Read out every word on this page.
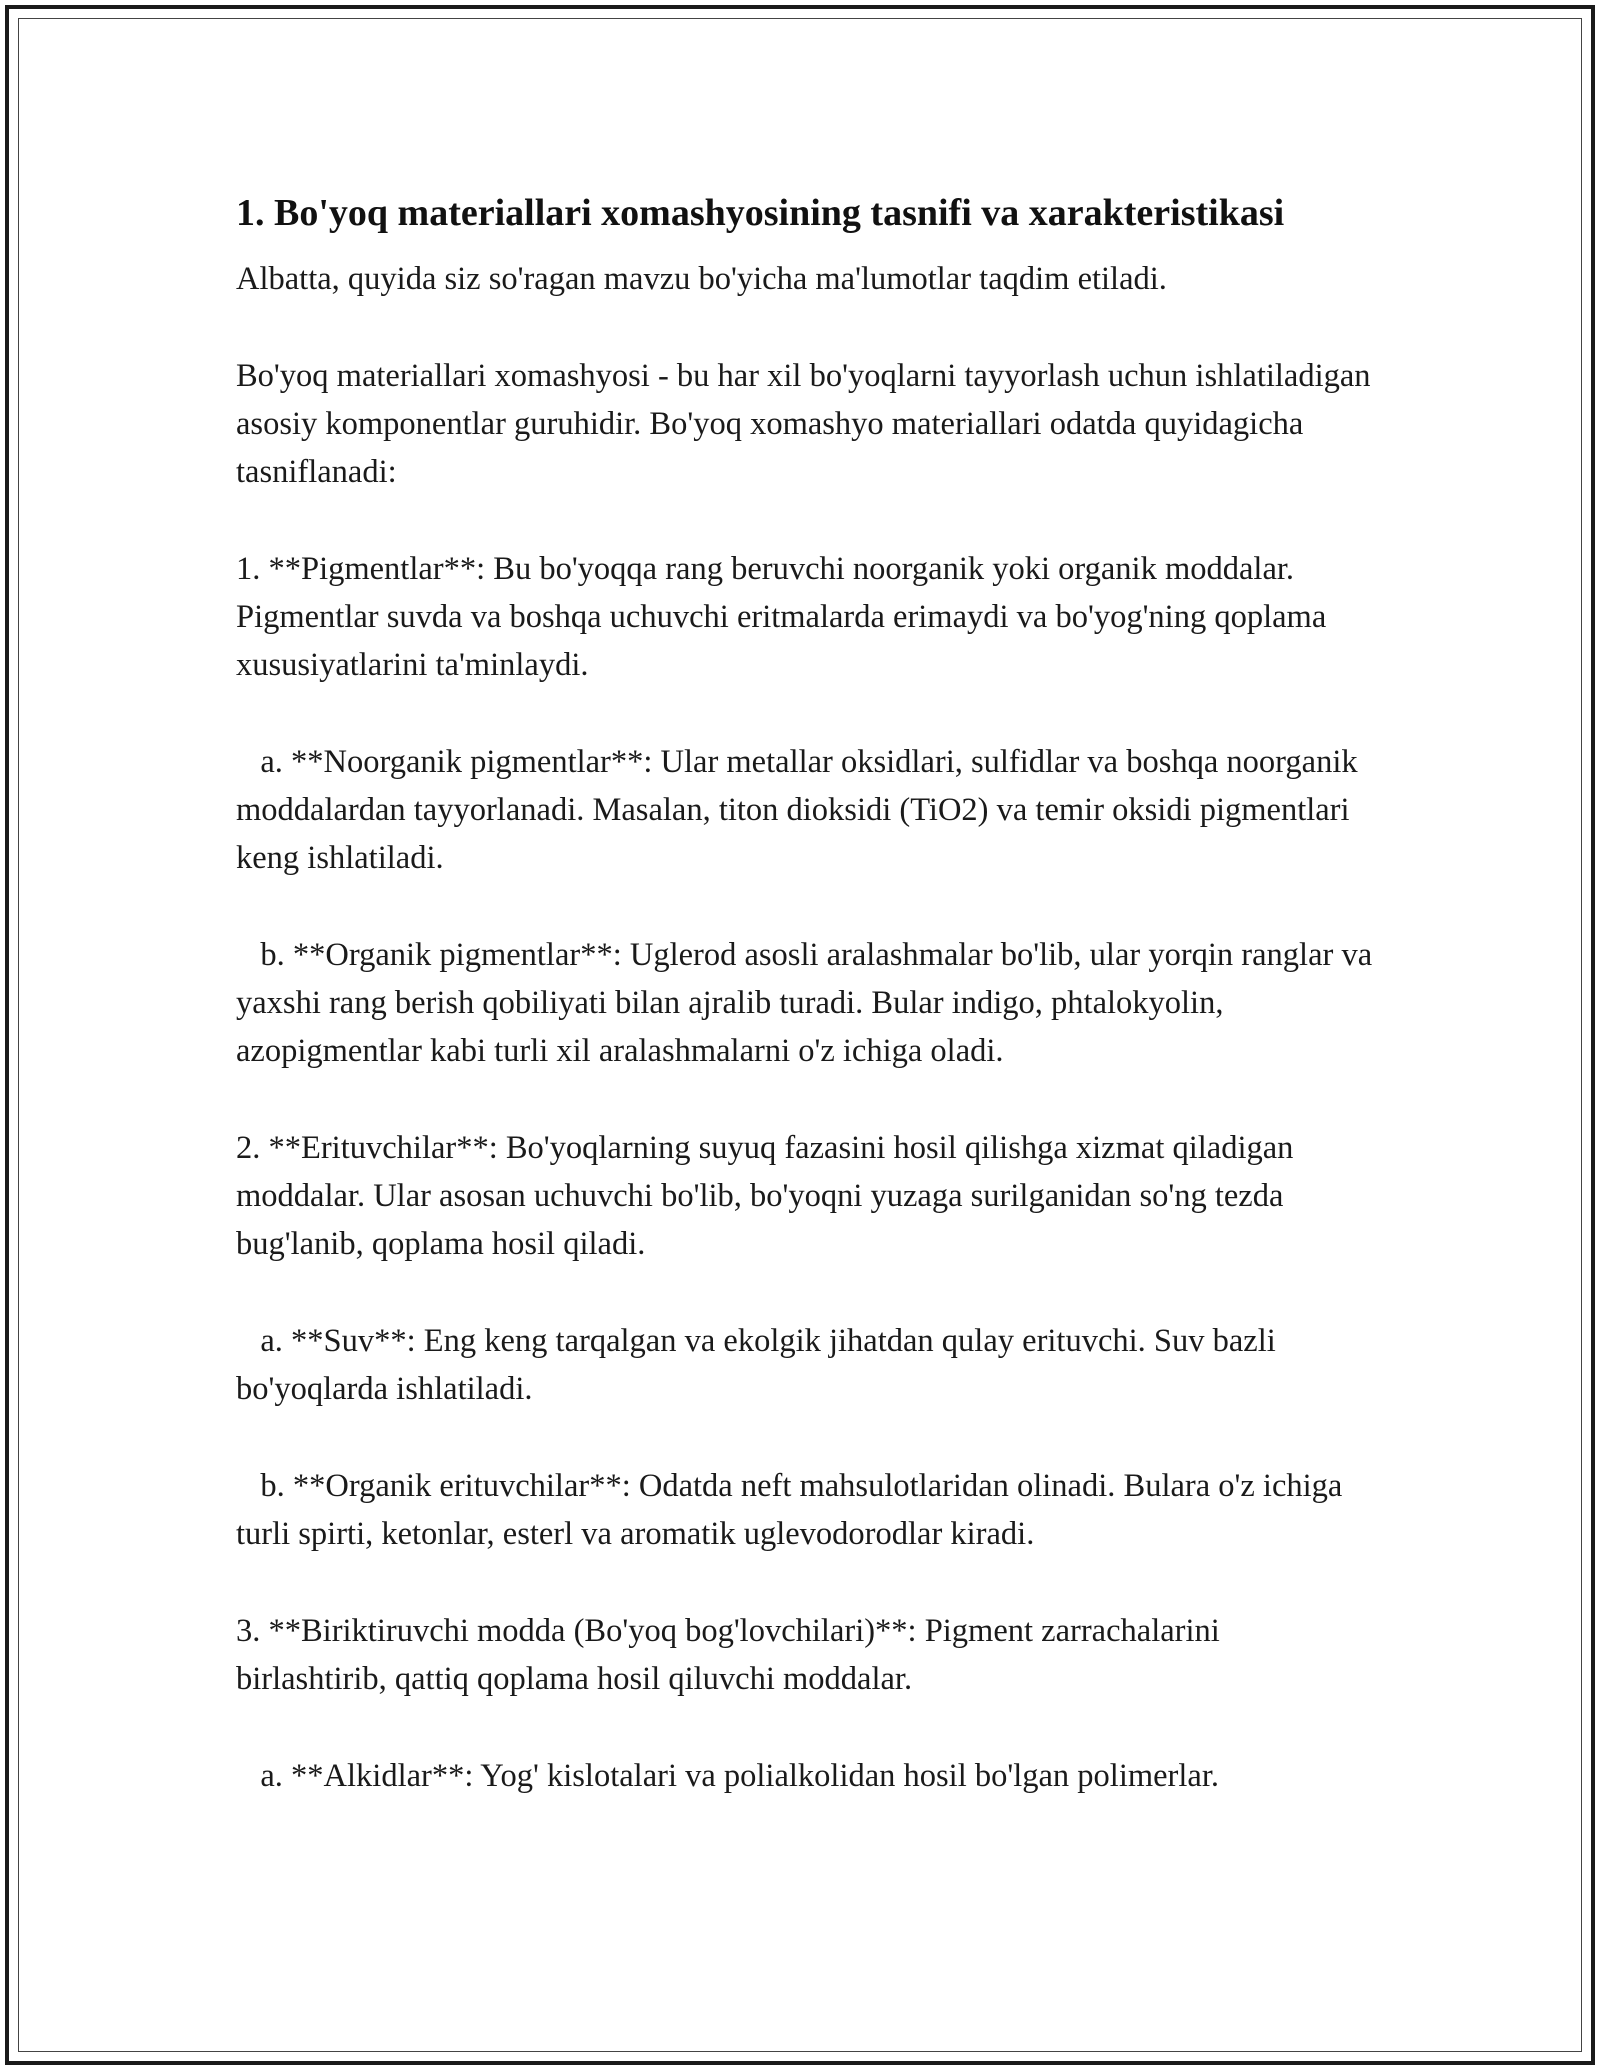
1. Bo'yoq materiallari xomashyosining tasnifi va xarakteristikasi

Albatta, quyida siz so'ragan mavzu bo'yicha ma'lumotlar taqdim etiladi.

Bo'yoq materiallari xomashyosi - bu har xil bo'yoqlarni tayyorlash uchun ishlatiladigan asosiy komponentlar guruhidir. Bo'yoq xomashyo materiallari odatda quyidagicha tasniflanadi:

1. **Pigmentlar**: Bu bo'yoqqa rang beruvchi noorganik yoki organik moddalar. Pigmentlar suvda va boshqa uchuvchi eritmalarda erimaydi va bo'yog'ning qoplama xususiyatlarini ta'minlaydi.

a. **Noorganik pigmentlar**: Ular metallar oksidlari, sulfidlar va boshqa noorganik moddalardan tayyorlanadi. Masalan, titon dioksidi (TiO2) va temir oksidi pigmentlari keng ishlatiladi.

b. **Organik pigmentlar**: Uglerod asosli aralashmalar bo'lib, ular yorqin ranglar va yaxshi rang berish qobiliyati bilan ajralib turadi. Bular indigo, phtalokyolin, azopigmentlar kabi turli xil aralashmalarni o'z ichiga oladi.

2. **Erituvchilar**: Bo'yoqlarning suyuq fazasini hosil qilishga xizmat qiladigan moddalar. Ular asosan uchuvchi bo'lib, bo'yoqni yuzaga surilganidan so'ng tezda bug'lanib, qoplama hosil qiladi.

a. **Suv**: Eng keng tarqalgan va ekolgik jihatdan qulay erituvchi. Suv bazli bo'yoqlarda ishlatiladi.

b. **Organik erituvchilar**: Odatda neft mahsulotlaridan olinadi. Bulara o'z ichiga turli spirti, ketonlar, esterl va aromatik uglevodorodlar kiradi.

3. **Biriktiruvchi modda (Bo'yoq bog'lovchilari)**: Pigment zarrachalarini birlashtirib, qattiq qoplama hosil qiluvchi moddalar.

a. **Alkidlar**: Yog' kislotalari va polialkolidan hosil bo'lgan polimerlar.
